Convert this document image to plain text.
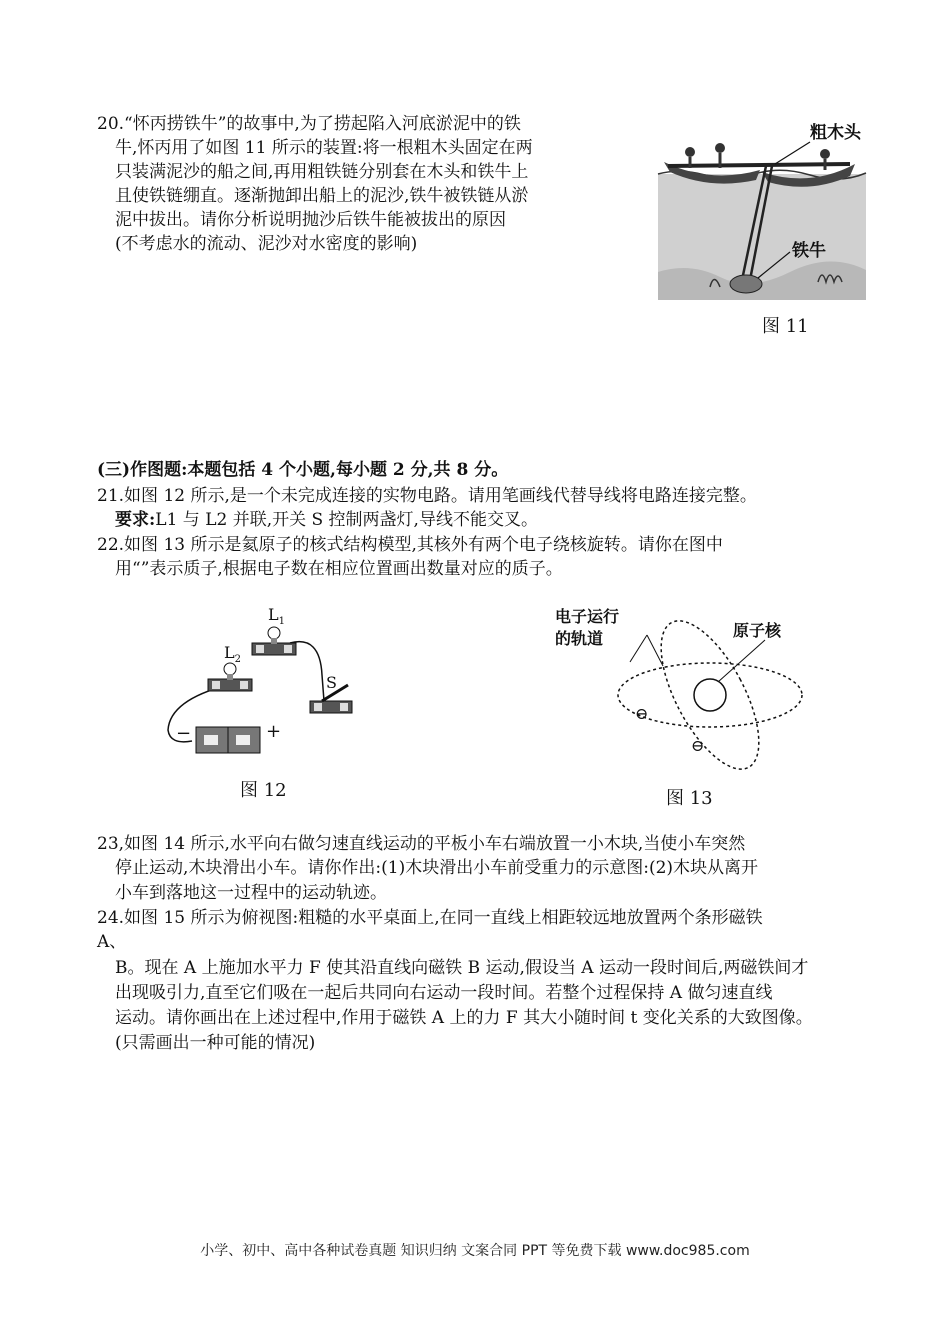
20.“怀丙捞铁牛”的故事中,为了捞起陷入河底淤泥中的铁
牛,怀丙用了如图 11 所示的装置:将一根粗木头固定在两
只装满泥沙的船之间,再用粗铁链分别套在木头和铁牛上
且使铁链绷直。逐渐抛卸出船上的泥沙,铁牛被铁链从淤
泥中拔出。请你分析说明抛沙后铁牛能被拔出的原因
(不考虑水的流动、泥沙对水密度的影响)
粗木头
铁牛
图 11
(三)作图题:本题包括 4 个小题,每小题 2 分,共 8 分。
21.如图 12 所示,是一个未完成连接的实物电路。请用笔画线代替导线将电路连接完整。
要求:L1 与 L2 并联,开关 S 控制两盏灯,导线不能交叉。
22.如图 13 所示是氦原子的核式结构模型,其核外有两个电子绕核旋转。请你在图中
用“”表示质子,根据电子数在相应位置画出数量对应的质子。
$L_1$
$L_2$
S
−	+
图 12
电子运行
的轨道	原子核
⊖
⊖
图 13
23,如图 14 所示,水平向右做匀速直线运动的平板小车右端放置一小木块,当使小车突然
停止运动,木块滑出小车。请你作出:(1)木块滑出小车前受重力的示意图:(2)木块从离开
小车到落地这一过程中的运动轨迹。
24.如图 15 所示为俯视图:粗糙的水平桌面上,在同一直线上相距较远地放置两个条形磁铁
A、
B。现在 A 上施加水平力 F 使其沿直线向磁铁 B 运动,假设当 A 运动一段时间后,两磁铁间才
出现吸引力,直至它们吸在一起后共同向右运动一段时间。若整个过程保持 A 做匀速直线
运动。请你画出在上述过程中,作用于磁铁 A 上的力 F 其大小随时间 t 变化关系的大致图像。
(只需画出一种可能的情况)
小学、初中、高中各种试卷真题 知识归纳 文案合同 PPT 等免费下载 www.doc985.com
